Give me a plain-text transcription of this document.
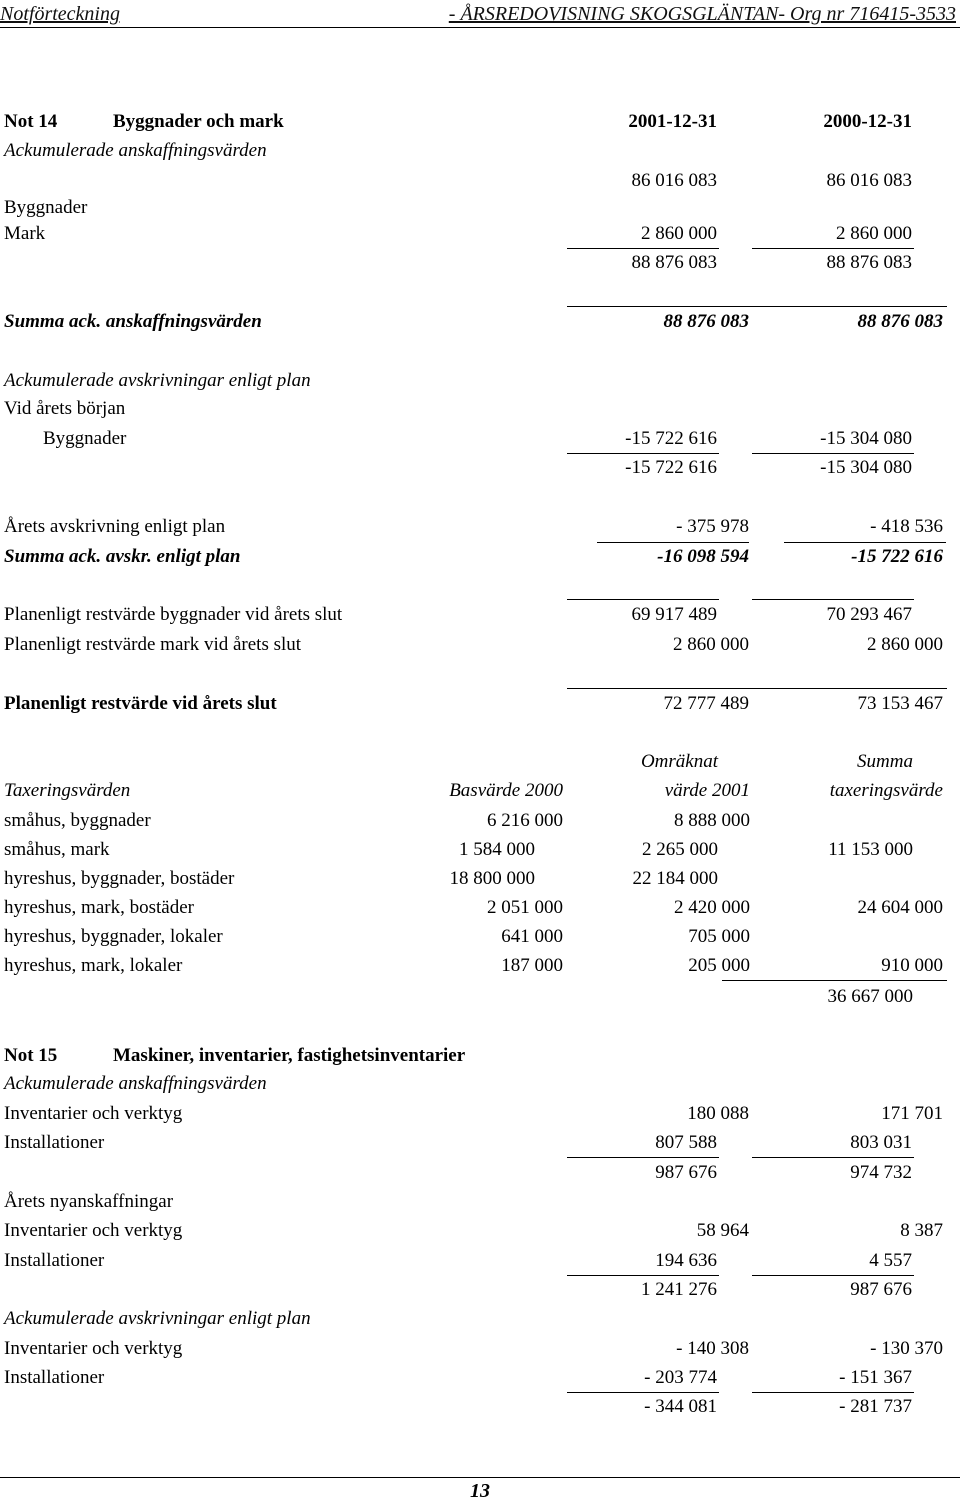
Notförteckning	- ÅRSREDOVISNING SKOGSGLÄNTAN- Org nr 716415-3533
Not 14	Byggnader och mark	2001-12-31	2000-12-31
Ackumulerade anskaffningsvärden
86 016 083	86 016 083
Byggnader
Mark	2 860 000	2 860 000
88 876 083	88 876 083
Summa ack. anskaffningsvärden	88 876 083	88 876 083
Ackumulerade avskrivningar enligt plan
Vid årets början
Byggnader	-15 722 616	-15 304 080
-15 722 616	-15 304 080
Årets avskrivning enligt plan	- 375 978	- 418 536
Summa ack. avskr. enligt plan	-16 098 594	-15 722 616
Planenligt restvärde byggnader vid årets slut	69 917 489	70 293 467
Planenligt restvärde mark vid årets slut	2 860 000	2 860 000
Planenligt restvärde vid årets slut	72 777 489	73 153 467
Omräknat	Summa
Taxeringsvärden	Basvärde 2000	värde 2001	taxeringsvärde
småhus, byggnader	6 216 000	8 888 000
småhus, mark	1 584 000	2 265 000	11 153 000
hyreshus, byggnader, bostäder	18 800 000	22 184 000
hyreshus, mark, bostäder	2 051 000	2 420 000	24 604 000
hyreshus, byggnader, lokaler	641 000	705 000
hyreshus, mark, lokaler	187 000	205 000	910 000
36 667 000
Not 15	Maskiner, inventarier, fastighetsinventarier
Ackumulerade anskaffningsvärden
Inventarier och verktyg	180 088	171 701
Installationer	807 588	803 031
987 676	974 732
Årets nyanskaffningar
Inventarier och verktyg	58 964	8 387
Installationer	194 636	4 557
1 241 276	987 676
Ackumulerade avskrivningar enligt plan
Inventarier och verktyg	- 140 308	- 130 370
Installationer	- 203 774	- 151 367
- 344 081	- 281 737
13
